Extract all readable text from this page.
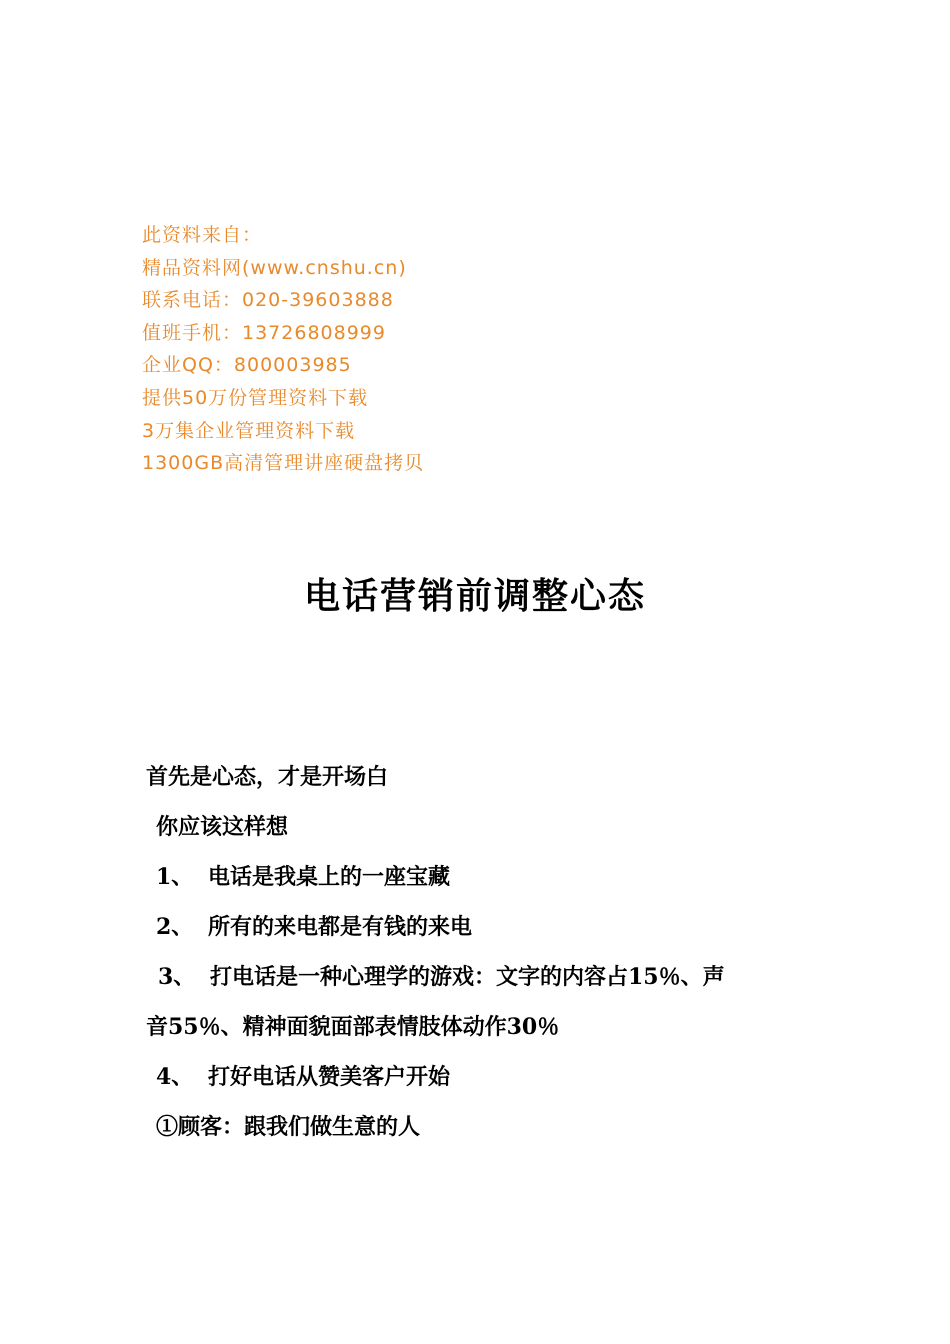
此资料来自：
精品资料网(www.cnshu.cn)
联系电话：020-39603888
值班手机：13726808999
企业QQ：800003985
提供50万份管理资料下载
3万集企业管理资料下载
1300GB高清管理讲座硬盘拷贝
电话营销前调整心态
首先是心态，才是开场白
你应该这样想
1、 电话是我桌上的一座宝藏
2、 所有的来电都是有钱的来电
3、 打电话是一种心理学的游戏：文字的内容占15％、声
音55％、精神面貌面部表情肢体动作30％
4、 打好电话从赞美客户开始
①顾客：跟我们做生意的人
